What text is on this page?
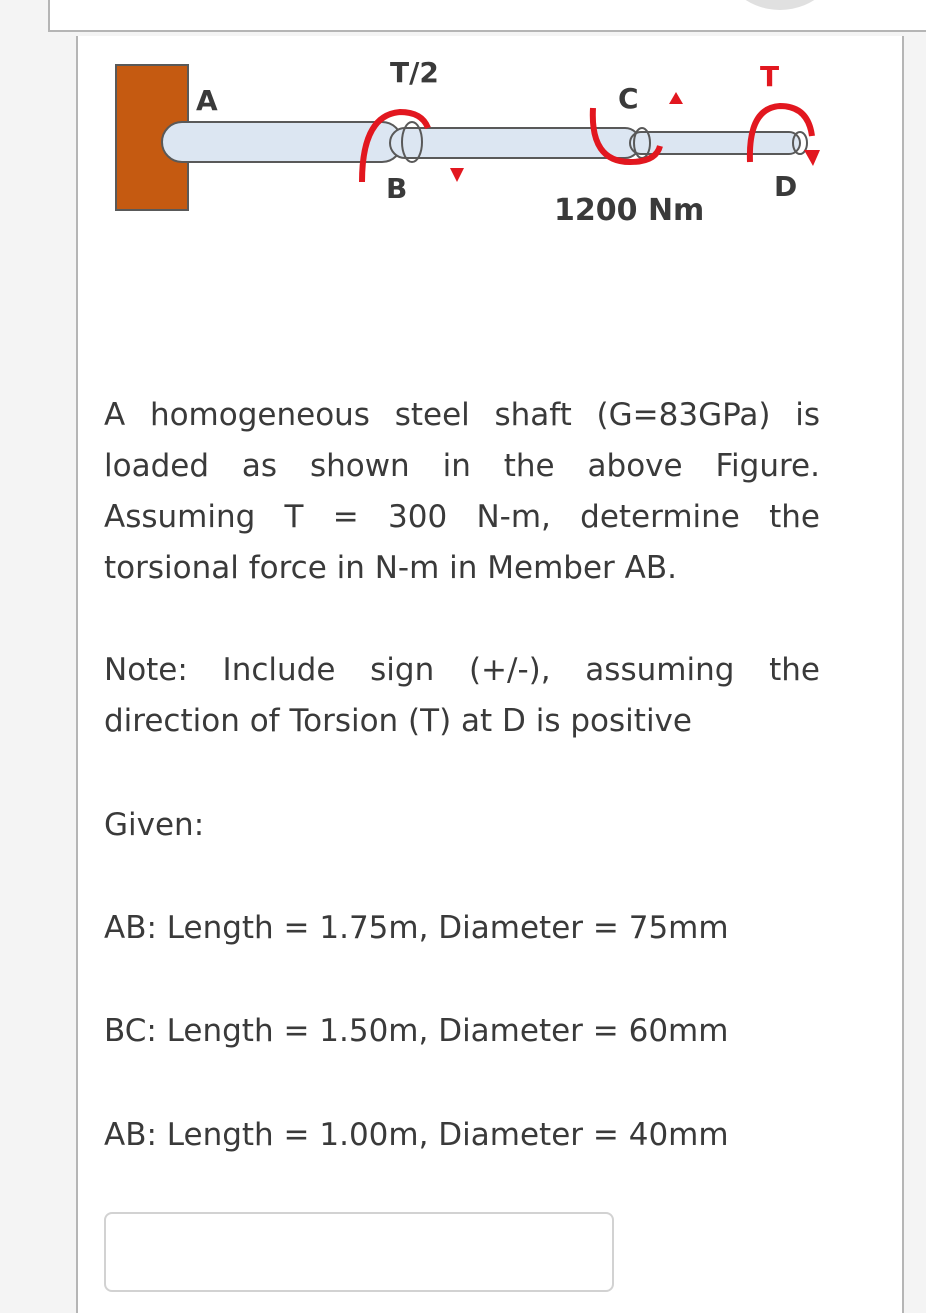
A
T/2
B
C
T
D
1200 Nm
A homogeneous steel shaft (G=83GPa) is loaded as shown in the above Figure. Assuming T = 300 N-m, determine the torsional force in N-m in Member AB.
Note: Include sign (+/-), assuming the direction of Torsion (T) at D is positive
Given:
AB: Length = 1.75m, Diameter = 75mm
BC: Length = 1.50m, Diameter = 60mm
AB: Length = 1.00m, Diameter = 40mm
